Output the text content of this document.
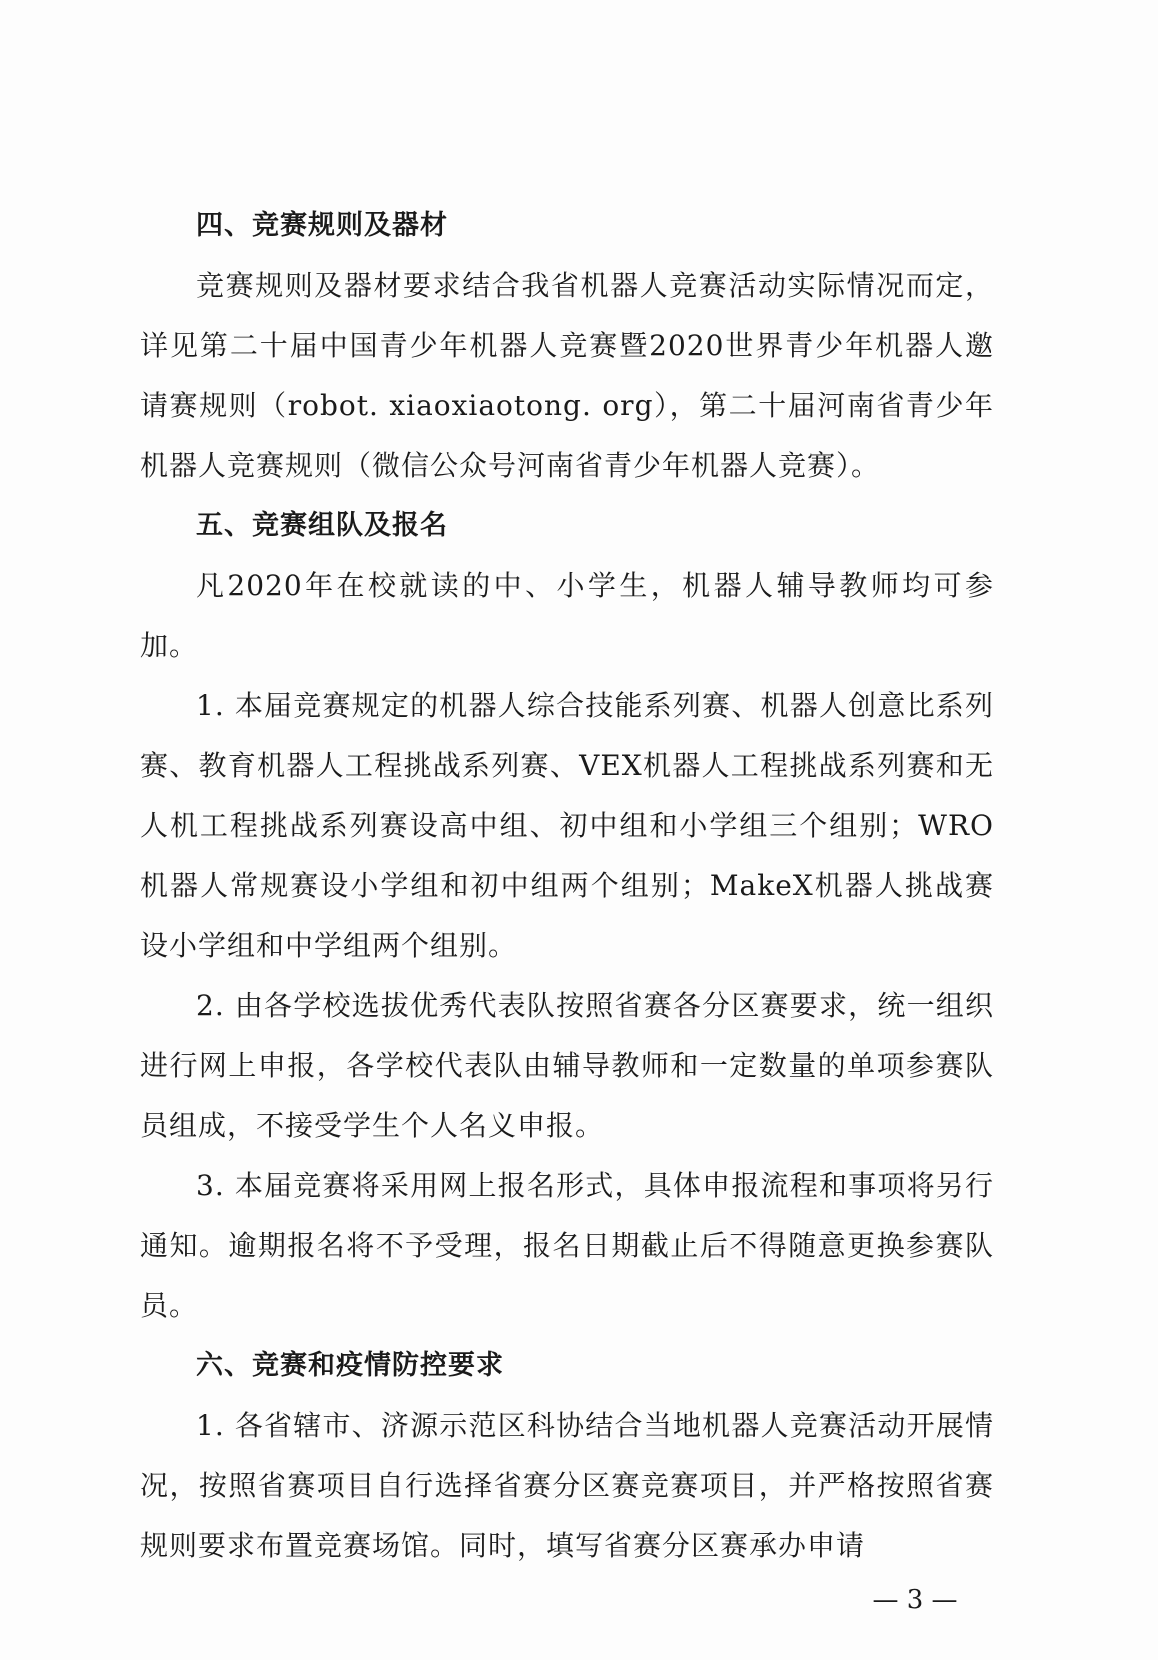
四、竞赛规则及器材

竞赛规则及器材要求结合我省机器人竞赛活动实际情况而定，详见第二十届中国青少年机器人竞赛暨2020世界青少年机器人邀请赛规则（robot. xiaoxiaotong. org），第二十届河南省青少年机器人竞赛规则（微信公众号河南省青少年机器人竞赛）。

五、竞赛组队及报名

凡2020年在校就读的中、小学生，机器人辅导教师均可参加。

1. 本届竞赛规定的机器人综合技能系列赛、机器人创意比系列赛、教育机器人工程挑战系列赛、VEX机器人工程挑战系列赛和无人机工程挑战系列赛设高中组、初中组和小学组三个组别；WRO机器人常规赛设小学组和初中组两个组别；MakeX机器人挑战赛设小学组和中学组两个组别。

2. 由各学校选拔优秀代表队按照省赛各分区赛要求，统一组织进行网上申报，各学校代表队由辅导教师和一定数量的单项参赛队员组成，不接受学生个人名义申报。

3. 本届竞赛将采用网上报名形式，具体申报流程和事项将另行通知。逾期报名将不予受理，报名日期截止后不得随意更换参赛队员。

六、竞赛和疫情防控要求

1. 各省辖市、济源示范区科协结合当地机器人竞赛活动开展情况，按照省赛项目自行选择省赛分区赛竞赛项目，并严格按照省赛规则要求布置竞赛场馆。同时，填写省赛分区赛承办申请

— 3 —
